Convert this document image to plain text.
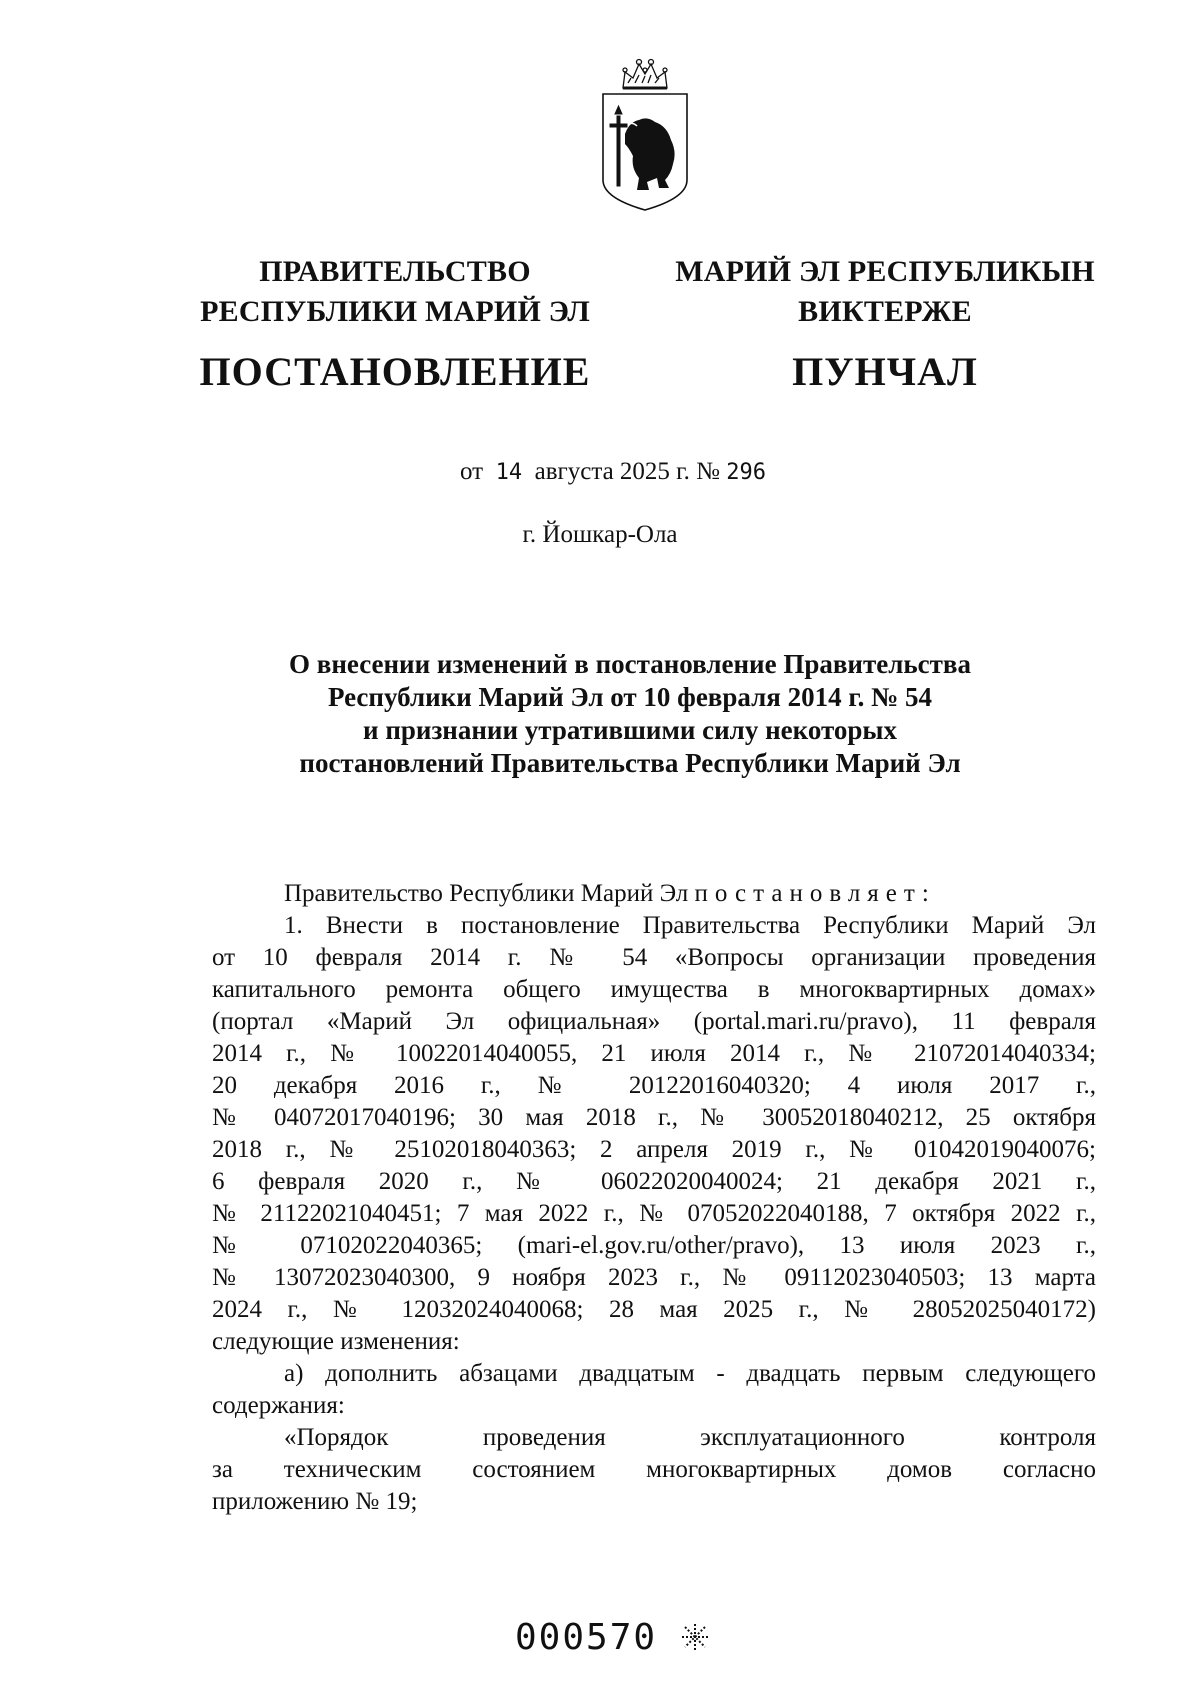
ПРАВИТЕЛЬСТВО
РЕСПУБЛИКИ МАРИЙ ЭЛ
ПОСТАНОВЛЕНИЕ
МАРИЙ ЭЛ РЕСПУБЛИКЫН
ВИКТЕРЖЕ
ПУНЧАЛ
от 14 августа 2025 г. № 296
г. Йошкар-Ола
О внесении изменений в постановление Правительства
Республики Марий Эл от 10 февраля 2014 г. № 54
и признании утратившими силу некоторых
постановлений Правительства Республики Марий Эл

Правительство Республики Марий Эл постановляет:

1. Внести в постановление Правительства Республики Марий Эл

от 10 февраля 2014 г. № 54 «Вопросы организации проведения

капитального ремонта общего имущества в многоквартирных домах»

(портал «Марий Эл официальная» (portal.mari.ru/pravo), 11 февраля

2014 г., № 10022014040055, 21 июля 2014 г., № 21072014040334;

20 декабря 2016 г., № 20122016040320; 4 июля 2017 г.,

№ 04072017040196; 30 мая 2018 г., № 30052018040212, 25 октября

2018 г., № 25102018040363; 2 апреля 2019 г., № 01042019040076;

6 февраля 2020 г., № 06022020040024; 21 декабря 2021 г.,

№ 21122021040451; 7 мая 2022 г., № 07052022040188, 7 октября 2022 г.,

№ 07102022040365; (mari-el.gov.ru/other/pravo), 13 июля 2023 г.,

№ 13072023040300, 9 ноября 2023 г., № 09112023040503; 13 марта

2024 г., № 12032024040068; 28 мая 2025 г., № 28052025040172)

следующие изменения:

а) дополнить абзацами двадцатым - двадцать первым следующего

содержания:

«Порядок проведения эксплуатационного контроля

за техническим состоянием многоквартирных домов согласно

приложению № 19;

000570
